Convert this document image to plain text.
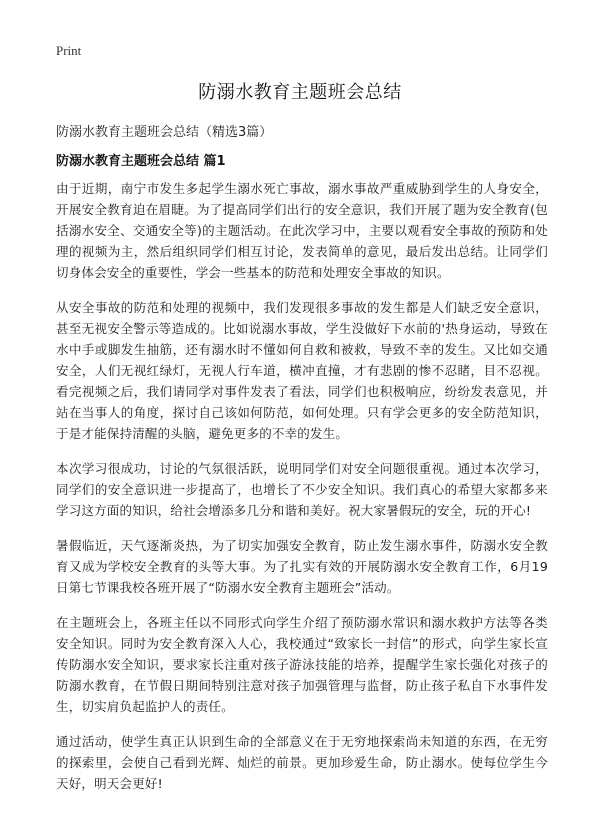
Print
防溺水教育主题班会总结
防溺水教育主题班会总结（精选3篇）
防溺水教育主题班会总结 篇1

由于近期，南宁市发生多起学生溺水死亡事故，溺水事故严重威胁到学生的人身安全，开展安全教育迫在眉睫。为了提高同学们出行的安全意识，我们开展了题为安全教育(包括溺水安全、交通安全等)的主题活动。在此次学习中，主要以观看安全事故的预防和处理的视频为主，然后组织同学们相互讨论，发表简单的意见，最后发出总结。让同学们切身体会安全的重要性，学会一些基本的防范和处理安全事故的知识。

从安全事故的防范和处理的视频中，我们发现很多事故的发生都是人们缺乏安全意识，甚至无视安全警示等造成的。比如说溺水事故，学生没做好下水前的'热身运动，导致在水中手或脚发生抽筋，还有溺水时不懂如何自救和被救，导致不幸的发生。又比如交通安全，人们无视红绿灯，无视人行车道，横冲直撞，才有悲剧的惨不忍睹，目不忍视。看完视频之后，我们请同学对事件发表了看法，同学们也积极响应，纷纷发表意见，并站在当事人的角度，探讨自己该如何防范，如何处理。只有学会更多的安全防范知识，于是才能保持清醒的头脑，避免更多的不幸的发生。

本次学习很成功，讨论的气氛很活跃，说明同学们对安全问题很重视。通过本次学习，同学们的安全意识进一步提高了，也增长了不少安全知识。我们真心的希望大家都多来学习这方面的知识，给社会增添多几分和谐和美好。祝大家暑假玩的安全，玩的开心!

暑假临近，天气逐渐炎热，为了切实加强安全教育，防止发生溺水事件，防溺水安全教育又成为学校安全教育的头等大事。为了扎实有效的开展防溺水安全教育工作，6月19日第七节课我校各班开展了“防溺水安全教育主题班会”活动。

在主题班会上，各班主任以不同形式向学生介绍了预防溺水常识和溺水救护方法等各类安全知识。同时为安全教育深入人心，我校通过“致家长一封信”的形式，向学生家长宣传防溺水安全知识，要求家长注重对孩子游泳技能的培养，提醒学生家长强化对孩子的防溺水教育，在节假日期间特别注意对孩子加强管理与监督，防止孩子私自下水事件发生，切实肩负起监护人的责任。

通过活动，使学生真正认识到生命的全部意义在于无穷地探索尚未知道的东西，在无穷的探索里，会使自己看到光辉、灿烂的前景。更加珍爱生命，防止溺水。使每位学生今天好，明天会更好!
